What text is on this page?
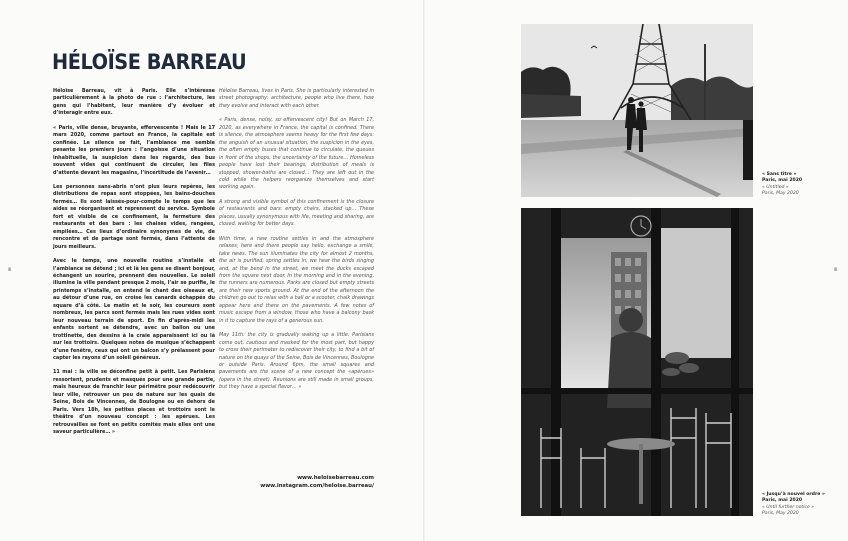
ııı	ııı
HÉLOÏSE BARREAU

Héloïse Barreau, vit à Paris. Elle s’intéresse particulièrement à la photo de rue : l’architecture, les gens qui l’habitent, leur manière d’y évoluer et d’interagir entre eux.

« Paris, ville dense, bruyante, effervescente ! Mais le 17 mars 2020, comme partout en France, la capitale est confinée. Le silence se fait, l’ambiance me semble pesante les premiers jours : l’angoisse d’une situation inhabituelle, la suspicion dans les regards, des bus souvent vides qui continuent de circuler, les files d’attente devant les magasins, l’incertitude de l’avenir…

Les personnes sans-abris n’ont plus leurs repères, les distributions de repas sont stoppées, les bains-douches fermés… Ils sont laissés-pour-compte le temps que les aides se réorganisent et reprennent du service. Symbole fort et visible de ce confinement, la fermeture des restaurants et des bars : les chaises vides, rangées, empilées… Ces lieux d’ordinaire synonymes de vie, de rencontre et de partage sont fermés, dans l’attente de jours meilleurs.

Avec le temps, une nouvelle routine s’installe et l’ambiance se détend ; ici et là les gens se disent bonjour, échangent un sourire, prennent des nouvelles. Le soleil illumine la ville pendant presque 2 mois, l’air se purifie, le printemps s’installe, on entend le chant des oiseaux et, au détour d’une rue, on croise les canards échappés du square d’à côté. Le matin et le soir, les coureurs sont nombreux, les parcs sont fermés mais les rues vides sont leur nouveau terrain de sport. En fin d’après-midi les enfants sortent se détendre, avec un ballon ou une trottinette, des dessins à la craie apparaissent ici ou là sur les trottoirs. Quelques notes de musique s’échappent d’une fenêtre, ceux qui ont un balcon s’y prélassent pour capter les rayons d’un soleil généreux.

11 mai : la ville se déconfine petit à petit. Les Parisiens ressortent, prudents et masqués pour une grande partie, mais heureux de franchir leur périmètre pour redécouvrir leur ville, retrouver un peu de nature sur les quais de Seine, Bois de Vincennes, de Boulogne ou en dehors de Paris. Vers 18h, les petites places et trottoirs sont le théâtre d’un nouveau concept : les apérues. Les retrouvailles se font en petits comités mais elles ont une saveur particulière… »

Héloïse Barreau, lives in Paris. She is particularly interested in street photography: architecture, people who live there, how they evolve and interact with each other.

« Paris, dense, noisy, so effervescent city! But on March 17, 2020, as everywhere in France, the capital is confined. There is silence, the atmosphere seems heavy for the first few days: the anguish of an unusual situation, the suspicion in the eyes, the often empty buses that continue to circulate, the queues in front of the shops, the uncertainty of the future… Homeless people have lost their bearings, distribution of meals is stopped, shower-baths are closed… They are left out in the cold while the helpers reorganize themselves and start working again.

A strong and visible symbol of this confinement is the closure of restaurants and bars: empty chairs, stacked up… These places, usually synonymous with life, meeting and sharing, are closed, waiting for better days.

With time, a new routine settles in and the atmosphere relaxes; here and there people say hello, exchange a smile, take news. The sun illuminates the city for almost 2 months, the air is purified, spring settles in, we hear the birds singing and, at the bend in the street, we meet the ducks escaped from the square next door. In the morning and in the evening, the runners are numerous. Parks are closed but empty streets are their new sports ground. At the end of the afternoon the children go out to relax with a ball or a scooter, chalk drawings appear here and there on the pavements. A few notes of music escape from a window, those who have a balcony bask in it to capture the rays of a generous sun.

May 11th: the city is gradually waking up a little. Parisians come out, cautious and masked for the most part, but happy to cross their perimeter to rediscover their city, to find a bit of nature on the quays of the Seine, Bois de Vincennes, Boulogne or outside Paris. Around 6pm, the small squares and pavements are the scene of a new concept the «apérues» (opera in the street). Reunions are still made in small groups, but they have a special flavor… »

www.heloisebarreau.com
www.instagram.com/heloise.barreau/
« Sans titre »
Paris, mai 2020
« Untitled »
Paris, May 2020
« Jusqu’à nouvel ordre »
Paris, mai 2020
« Until further notice »
Paris, May 2020
